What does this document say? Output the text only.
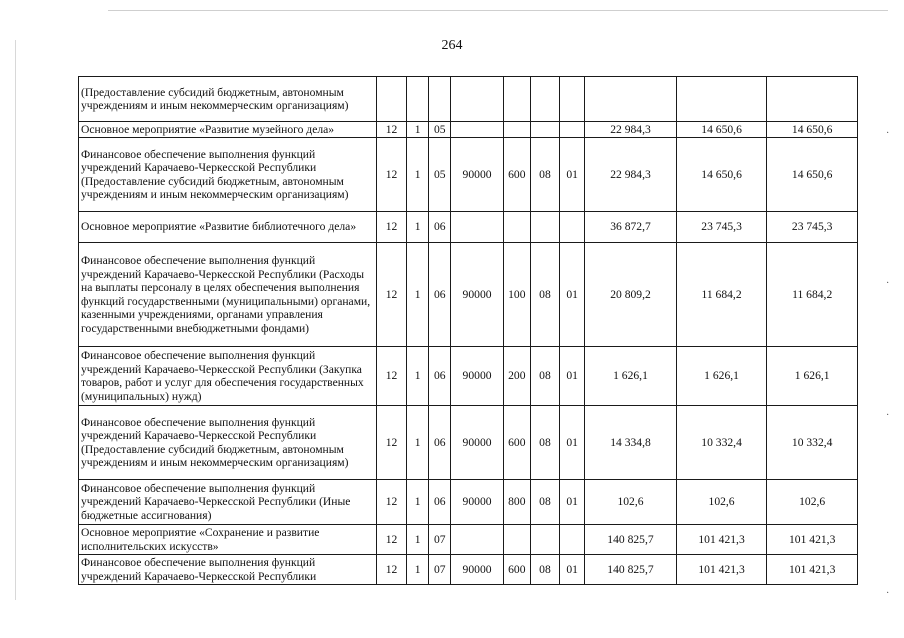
264
(Предоставление субсидий бюджетным, автономным учреждениям и иным некоммерческим организациям)										
Основное мероприятие «Развитие музейного дела»	12	1	05					22 984,3	14 650,6	14 650,6
Финансовое обеспечение выполнения функций учреждений Карачаево-Черкесской Республики (Предоставление субсидий бюджетным, автономным учреждениям и иным некоммерческим организациям)	12	1	05	90000	600	08	01	22 984,3	14 650,6	14 650,6
Основное мероприятие «Развитие библиотечного дела»	12	1	06					36 872,7	23 745,3	23 745,3
Финансовое обеспечение выполнения функций учреждений Карачаево-Черкесской Республики (Расходы на выплаты персоналу в целях обеспечения выполнения функций государственными (муниципальными) органами, казенными учреждениями, органами управления государственными внебюджетными фондами)	12	1	06	90000	100	08	01	20 809,2	11 684,2	11 684,2
Финансовое обеспечение выполнения функций учреждений Карачаево-Черкесской Республики (Закупка товаров, работ и услуг для обеспечения государственных (муниципальных) нужд)	12	1	06	90000	200	08	01	1 626,1	1 626,1	1 626,1
Финансовое обеспечение выполнения функций учреждений Карачаево-Черкесской Республики (Предоставление субсидий бюджетным, автономным учреждениям и иным некоммерческим организациям)	12	1	06	90000	600	08	01	14 334,8	10 332,4	10 332,4
Финансовое обеспечение выполнения функций учреждений Карачаево-Черкесской Республики (Иные бюджетные ассигнования)	12	1	06	90000	800	08	01	102,6	102,6	102,6
Основное мероприятие «Сохранение и развитие исполнительских искусств»	12	1	07					140 825,7	101 421,3	101 421,3
Финансовое обеспечение выполнения функций учреждений Карачаево-Черкесской Республики	12	1	07	90000	600	08	01	140 825,7	101 421,3	101 421,3
·
·
·
·
